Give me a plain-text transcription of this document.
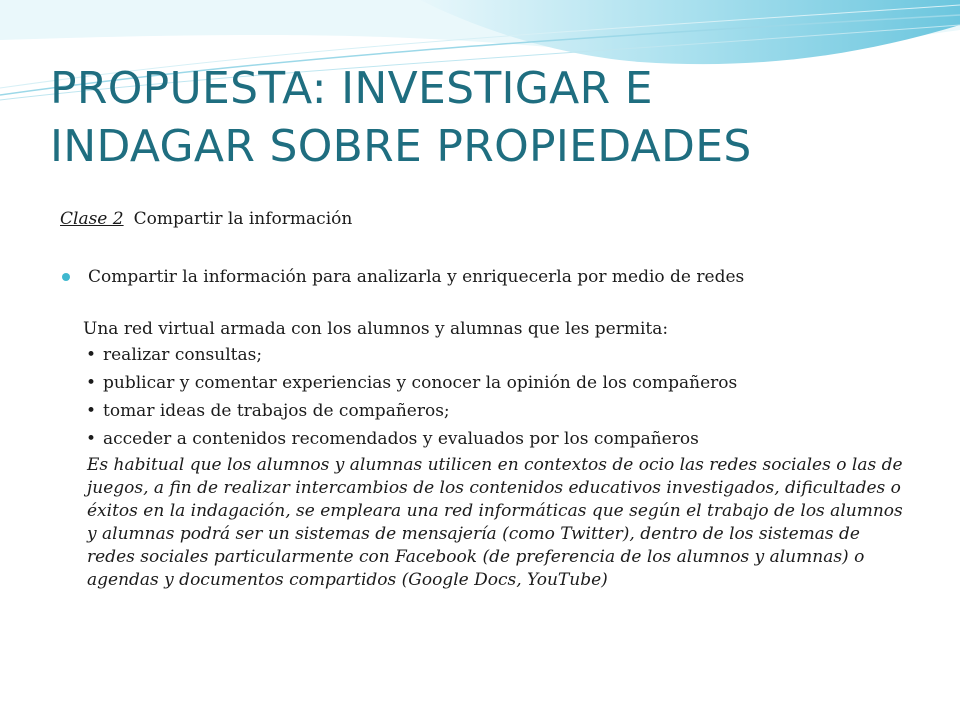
PROPUESTA: INVESTIGAR E
INDAGAR SOBRE PROPIEDADES

Clase 2 Compartir la información

Compartir la información para analizarla y enriquecerla por medio de redes

Una red virtual armada con los alumnos y alumnas que les permita:

• realizar consultas;
• publicar y comentar experiencias y conocer la opinión de los compañeros
• tomar ideas de trabajos de compañeros;
• acceder a contenidos recomendados y evaluados por los compañeros

Es habitual que los alumnos y alumnas utilicen en contextos de ocio las redes sociales o las de juegos, a fin de realizar intercambios de los contenidos educativos investigados, dificultades o éxitos en la indagación, se empleara una red informáticas que según el trabajo de los alumnos y alumnas podrá ser un sistemas de mensajería (como Twitter), dentro de los sistemas de redes sociales particularmente con Facebook (de preferencia de los alumnos y alumnas) o agendas y documentos compartidos (Google Docs, YouTube)
